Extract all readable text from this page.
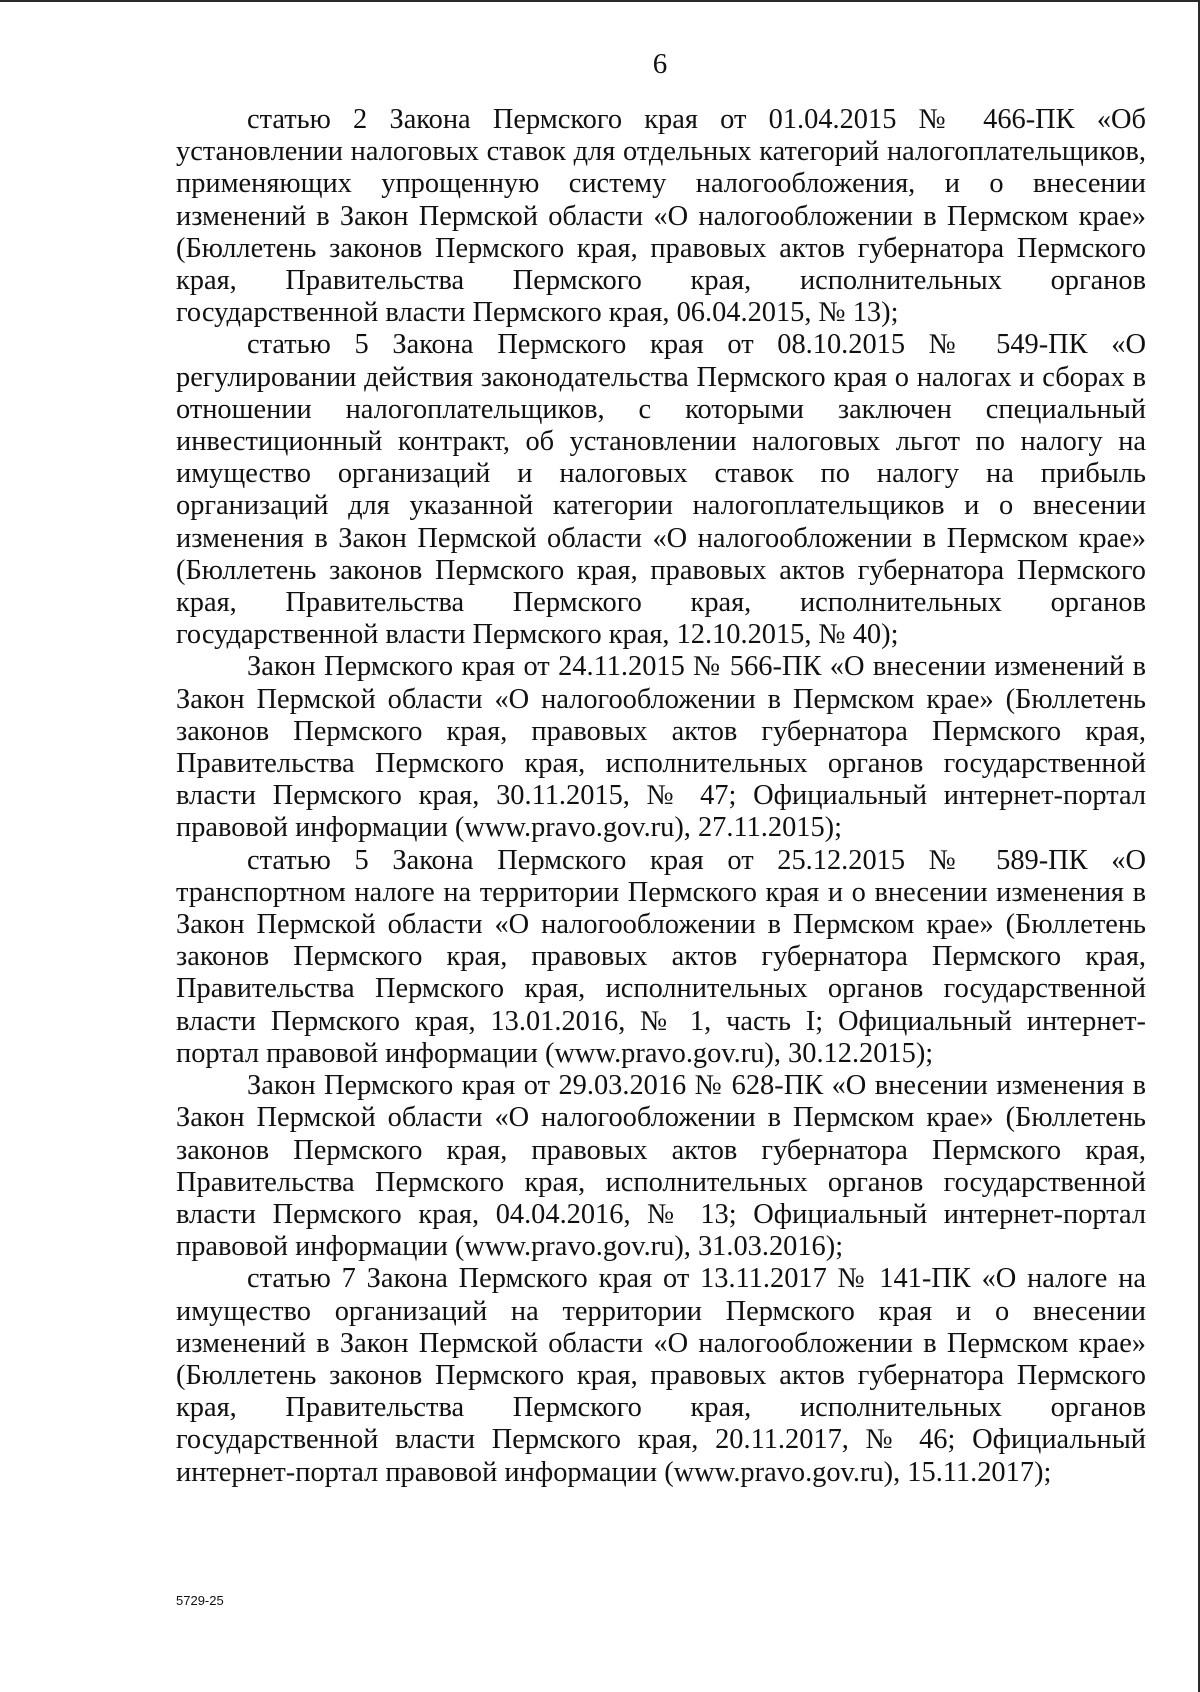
6

статью 2 Закона Пермского края от 01.04.2015 № 466-ПК «Об установлении налоговых ставок для отдельных категорий налогоплательщиков, применяющих упрощенную систему налогообложения, и о внесении изменений в Закон Пермской области «О налогообложении в Пермском крае» (Бюллетень законов Пермского края, правовых актов губернатора Пермского края, Правительства Пермского края, исполнительных органов государственной власти Пермского края, 06.04.2015, № 13);

статью 5 Закона Пермского края от 08.10.2015 № 549-ПК «О регулировании действия законодательства Пермского края о налогах и сборах в отношении налогоплательщиков, с которыми заключен специальный инвестиционный контракт, об установлении налоговых льгот по налогу на имущество организаций и налоговых ставок по налогу на прибыль организаций для указанной категории налогоплательщиков и о внесении изменения в Закон Пермской области «О налогообложении в Пермском крае» (Бюллетень законов Пермского края, правовых актов губернатора Пермского края, Правительства Пермского края, исполнительных органов государственной власти Пермского края, 12.10.2015, № 40);

Закон Пермского края от 24.11.2015 № 566-ПК «О внесении изменений в Закон Пермской области «О налогообложении в Пермском крае» (Бюллетень законов Пермского края, правовых актов губернатора Пермского края, Правительства Пермского края, исполнительных органов государственной власти Пермского края, 30.11.2015, № 47; Официальный интернет-портал правовой информации (www.pravo.gov.ru), 27.11.2015);

статью 5 Закона Пермского края от 25.12.2015 № 589-ПК «О транспортном налоге на территории Пермского края и о внесении изменения в Закон Пермской области «О налогообложении в Пермском крае» (Бюллетень законов Пермского края, правовых актов губернатора Пермского края, Правительства Пермского края, исполнительных органов государственной власти Пермского края, 13.01.2016, № 1, часть I; Официальный интернет-портал правовой информации (www.pravo.gov.ru), 30.12.2015);

Закон Пермского края от 29.03.2016 № 628-ПК «О внесении изменения в Закон Пермской области «О налогообложении в Пермском крае» (Бюллетень законов Пермского края, правовых актов губернатора Пермского края, Правительства Пермского края, исполнительных органов государственной власти Пермского края, 04.04.2016, № 13; Официальный интернет-портал правовой информации (www.pravo.gov.ru), 31.03.2016);

статью 7 Закона Пермского края от 13.11.2017 № 141-ПК «О налоге на имущество организаций на территории Пермского края и о внесении изменений в Закон Пермской области «О налогообложении в Пермском крае» (Бюллетень законов Пермского края, правовых актов губернатора Пермского края, Правительства Пермского края, исполнительных органов государственной власти Пермского края, 20.11.2017, № 46; Официальный интернет-портал правовой информации (www.pravo.gov.ru), 15.11.2017);

5729-25
